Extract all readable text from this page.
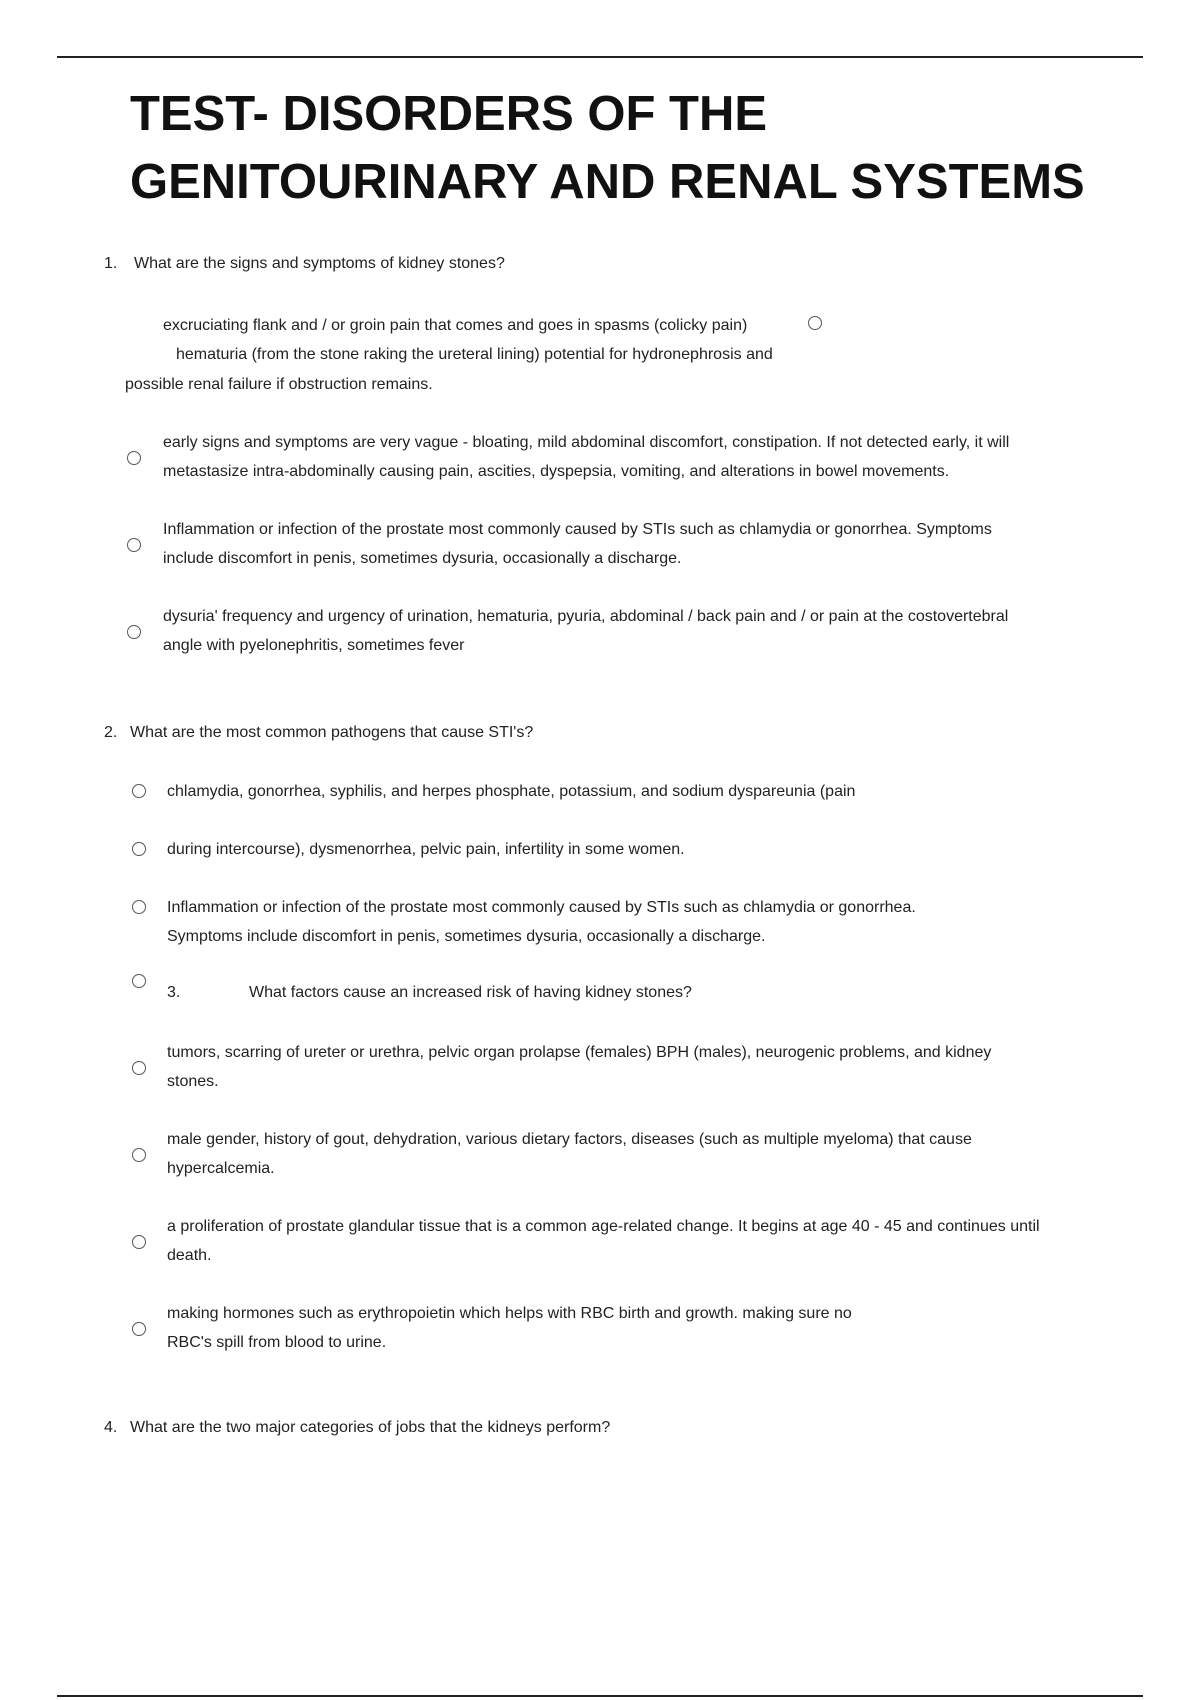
TEST- DISORDERS OF THE
GENITOURINARY AND RENAL SYSTEMS
1. What are the signs and symptoms of kidney stones?
excruciating flank and / or groin pain that comes and goes in spasms (colicky pain)
hematuria (from the stone raking the ureteral lining) potential for hydronephrosis and
possible renal failure if obstruction remains.
early signs and symptoms are very vague - bloating, mild abdominal discomfort, constipation. If not detected early, it will
metastasize intra-abdominally causing pain, ascities, dyspepsia, vomiting, and alterations in bowel movements.
Inflammation or infection of the prostate most commonly caused by STIs such as chlamydia or gonorrhea. Symptoms
include discomfort in penis, sometimes dysuria, occasionally a discharge.
dysuria' frequency and urgency of urination, hematuria, pyuria, abdominal / back pain and / or pain at the costovertebral
angle with pyelonephritis, sometimes fever
2. What are the most common pathogens that cause STI's?
chlamydia, gonorrhea, syphilis, and herpes phosphate, potassium, and sodium dyspareunia (pain
during intercourse), dysmenorrhea, pelvic pain, infertility in some women.
Inflammation or infection of the prostate most commonly caused by STIs such as chlamydia or gonorrhea.
Symptoms include discomfort in penis, sometimes dysuria, occasionally a discharge.
3.	What factors cause an increased risk of having kidney stones?
tumors, scarring of ureter or urethra, pelvic organ prolapse (females) BPH (males), neurogenic problems, and kidney
stones.
male gender, history of gout, dehydration, various dietary factors, diseases (such as multiple myeloma) that cause
hypercalcemia.
a proliferation of prostate glandular tissue that is a common age-related change. It begins at age 40 - 45 and continues until
death.
making hormones such as erythropoietin which helps with RBC birth and growth. making sure no
RBC's spill from blood to urine.
4. What are the two major categories of jobs that the kidneys perform?
